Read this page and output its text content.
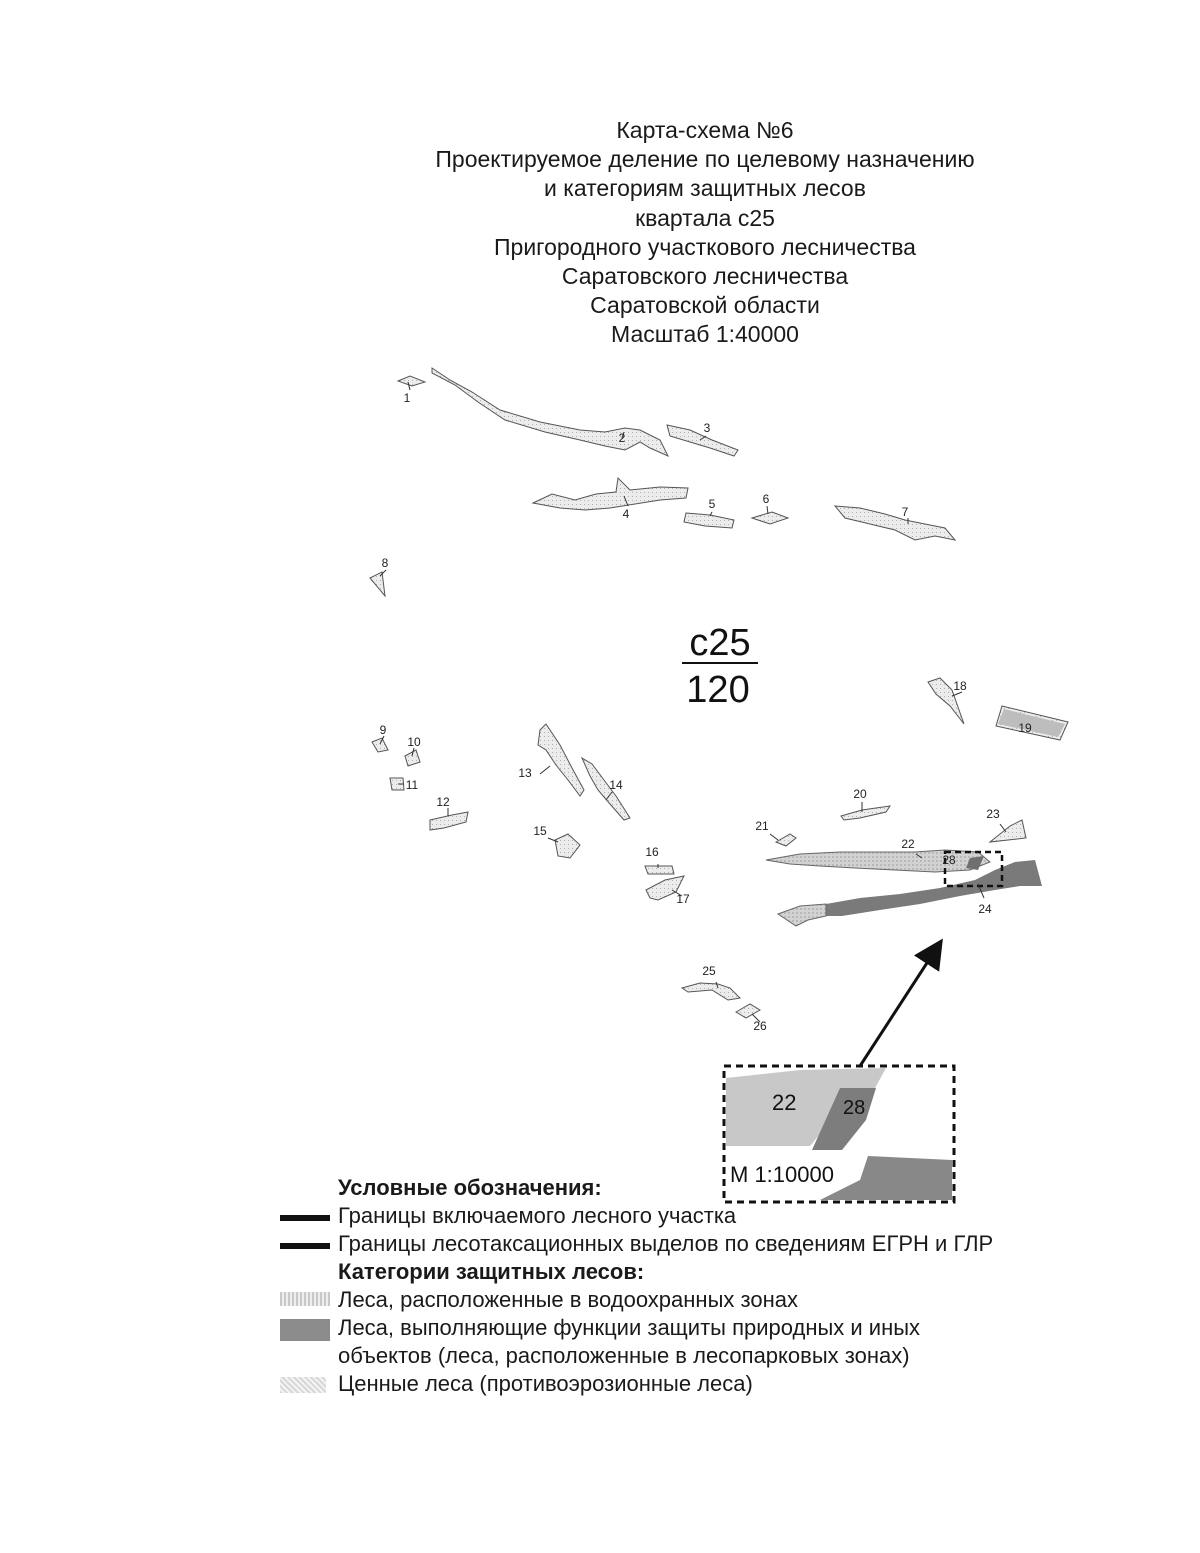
Карта-схема №6
Проектируемое деление по целевому назначению
и категориям защитных лесов
квартала с25
Пригородного участкового лесничества
Саратовского лесничества
Саратовской области
Масштаб 1:40000
с25
120
22 28
М 1:10000
1
2
3
4
5	6
7
8
9
10
11
12
13
14
15
16
17
18
19
20
21
22
23
24
25
26
28
Условные обозначения:
Границы включаемого лесного участка
Границы лесотаксационных выделов по сведениям ЕГРН и ГЛР
Категории защитных лесов:
Леса, расположенные в водоохранных зонах
Леса, выполняющие функции защиты природных и иных
объектов (леса, расположенные в лесопарковых зонах)
Ценные леса (противоэрозионные леса)
